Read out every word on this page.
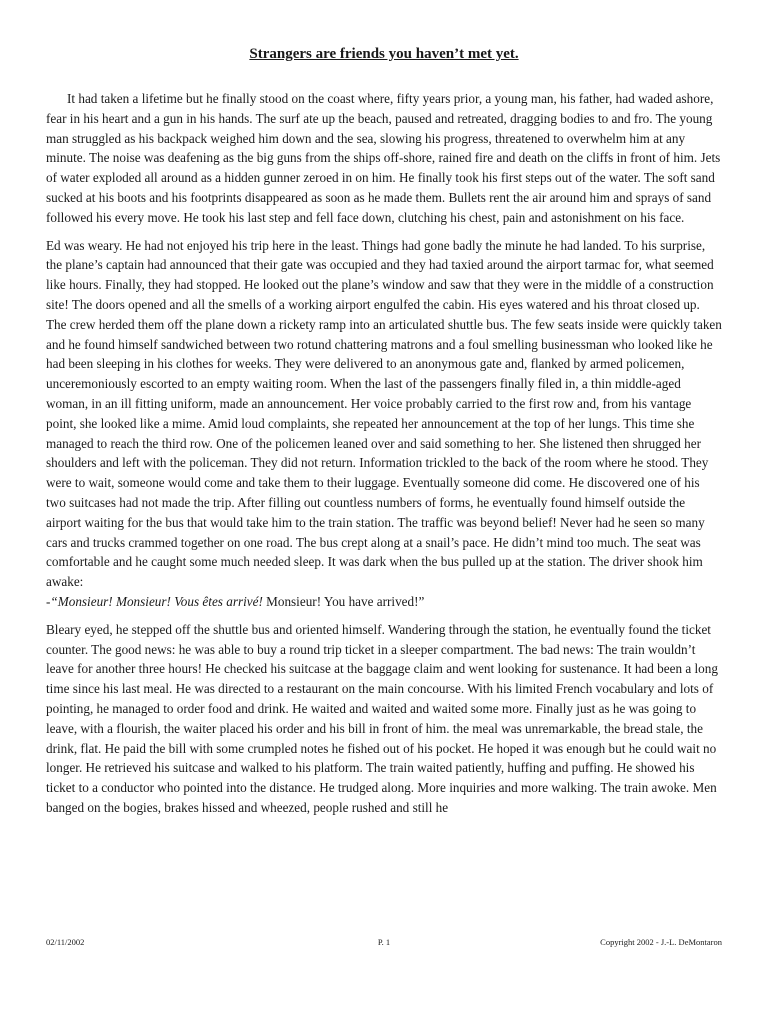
Strangers are friends you haven’t met yet.

It had taken a lifetime but he finally stood on the coast where, fifty years prior, a young man, his father, had waded ashore, fear in his heart and a gun in his hands. The surf ate up the beach, paused and retreated, dragging bodies to and fro. The young man struggled as his backpack weighed him down and the sea, slowing his progress, threatened to overwhelm him at any minute. The noise was deafening as the big guns from the ships off-shore, rained fire and death on the cliffs in front of him. Jets of water exploded all around as a hidden gunner zeroed in on him. He finally took his first steps out of the water. The soft sand sucked at his boots and his footprints disappeared as soon as he made them. Bullets rent the air around him and sprays of sand followed his every move. He took his last step and fell face down, clutching his chest, pain and astonishment on his face.

Ed was weary. He had not enjoyed his trip here in the least. Things had gone badly the minute he had landed. To his surprise, the plane’s captain had announced that their gate was occupied and they had taxied around the airport tarmac for, what seemed like hours. Finally, they had stopped. He looked out the plane’s window and saw that they were in the middle of a construction site! The doors opened and all the smells of a working airport engulfed the cabin. His eyes watered and his throat closed up. The crew herded them off the plane down a rickety ramp into an articulated shuttle bus. The few seats inside were quickly taken and he found himself sandwiched between two rotund chattering matrons and a foul smelling businessman who looked like he had been sleeping in his clothes for weeks. They were delivered to an anonymous gate and, flanked by armed policemen, unceremoniously escorted to an empty waiting room. When the last of the passengers finally filed in, a thin middle-aged woman, in an ill fitting uniform, made an announcement. Her voice probably carried to the first row and, from his vantage point, she looked like a mime. Amid loud complaints, she repeated her announcement at the top of her lungs. This time she managed to reach the third row. One of the policemen leaned over and said something to her. She listened then shrugged her shoulders and left with the policeman. They did not return. Information trickled to the back of the room where he stood. They were to wait, someone would come and take them to their luggage. Eventually someone did come. He discovered one of his two suitcases had not made the trip. After filling out countless numbers of forms, he eventually found himself outside the airport waiting for the bus that would take him to the train station. The traffic was beyond belief! Never had he seen so many cars and trucks crammed together on one road. The bus crept along at a snail’s pace. He didn’t mind too much. The seat was comfortable and he caught some much needed sleep. It was dark when the bus pulled up at the station. The driver shook him awake:

-“Monsieur! Monsieur! Vous êtes arrivé! Monsieur! You have arrived!”

Bleary eyed, he stepped off the shuttle bus and oriented himself. Wandering through the station, he eventually found the ticket counter. The good news: he was able to buy a round trip ticket in a sleeper compartment. The bad news: The train wouldn’t leave for another three hours! He checked his suitcase at the baggage claim and went looking for sustenance. It had been a long time since his last meal. He was directed to a restaurant on the main concourse. With his limited French vocabulary and lots of pointing, he managed to order food and drink. He waited and waited and waited some more. Finally just as he was going to leave, with a flourish, the waiter placed his order and his bill in front of him. the meal was unremarkable, the bread stale, the drink, flat. He paid the bill with some crumpled notes he fished out of his pocket. He hoped it was enough but he could wait no longer. He retrieved his suitcase and walked to his platform. The train waited patiently, huffing and puffing. He showed his ticket to a conductor who pointed into the distance. He trudged along. More inquiries and more walking. The train awoke. Men banged on the bogies, brakes hissed and wheezed, people rushed and still he

02/11/2002	P. 1	Copyright 2002 - J.-L. DeMontaron
